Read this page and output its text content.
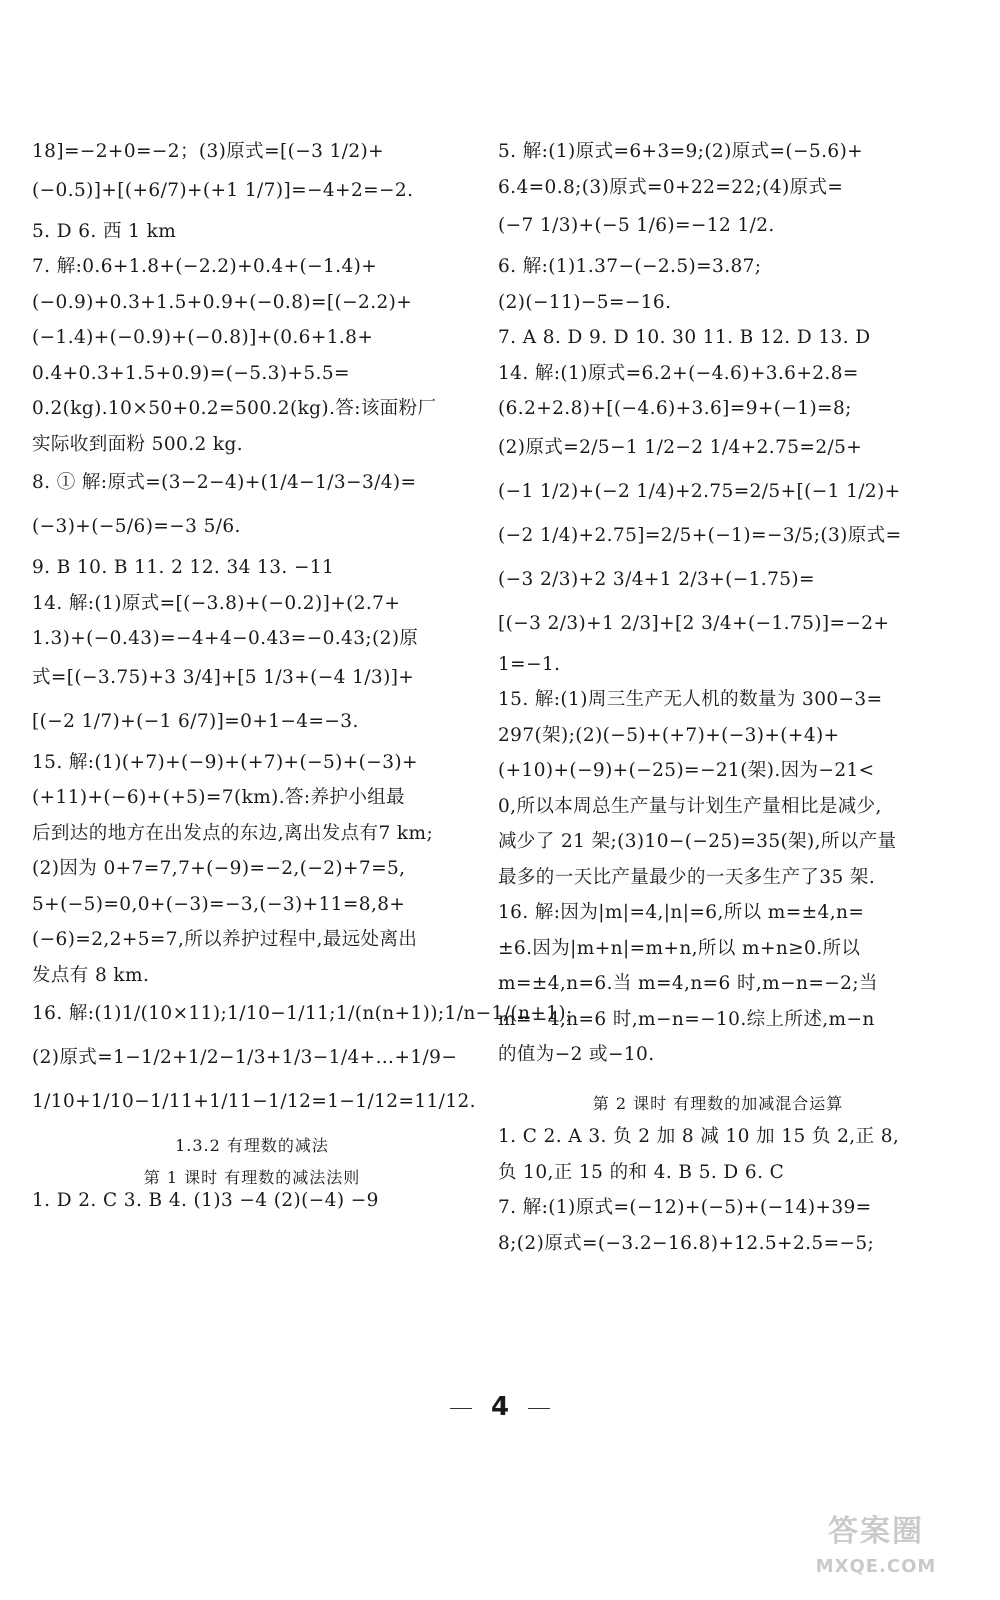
18]=−2+0=−2；(3)原式=[(−3 1/2)+
(−0.5)]+[(+6/7)+(+1 1/7)]=−4+2=−2.
5. D 6. 西 1 km
7. 解:0.6+1.8+(−2.2)+0.4+(−1.4)+
(−0.9)+0.3+1.5+0.9+(−0.8)=[(−2.2)+
(−1.4)+(−0.9)+(−0.8)]+(0.6+1.8+
0.4+0.3+1.5+0.9)=(−5.3)+5.5=
0.2(kg).10×50+0.2=500.2(kg).答:该面粉厂
实际收到面粉 500.2 kg.
8. ① 解:原式=(3−2−4)+(1/4−1/3−3/4)=
(−3)+(−5/6)=−3 5/6.
9. B 10. B 11. 2 12. 34 13. −11
14. 解:(1)原式=[(−3.8)+(−0.2)]+(2.7+
1.3)+(−0.43)=−4+4−0.43=−0.43;(2)原
式=[(−3.75)+3 3/4]+[5 1/3+(−4 1/3)]+
[(−2 1/7)+(−1 6/7)]=0+1−4=−3.
15. 解:(1)(+7)+(−9)+(+7)+(−5)+(−3)+
(+11)+(−6)+(+5)=7(km).答:养护小组最
后到达的地方在出发点的东边,离出发点有7 km;
(2)因为 0+7=7,7+(−9)=−2,(−2)+7=5,
5+(−5)=0,0+(−3)=−3,(−3)+11=8,8+
(−6)=2,2+5=7,所以养护过程中,最远处离出
发点有 8 km.
16. 解:(1)1/(10×11);1/10−1/11;1/(n(n+1));1/n−1/(n+1);
(2)原式=1−1/2+1/2−1/3+1/3−1/4+…+1/9−
1/10+1/10−1/11+1/11−1/12=1−1/12=11/12.
1.3.2 有理数的减法
第 1 课时 有理数的减法法则
1. D 2. C 3. B 4. (1)3 −4 (2)(−4) −9
5. 解:(1)原式=6+3=9;(2)原式=(−5.6)+
6.4=0.8;(3)原式=0+22=22;(4)原式=
(−7 1/3)+(−5 1/6)=−12 1/2.
6. 解:(1)1.37−(−2.5)=3.87;
(2)(−11)−5=−16.
7. A 8. D 9. D 10. 30 11. B 12. D 13. D
14. 解:(1)原式=6.2+(−4.6)+3.6+2.8=
(6.2+2.8)+[(−4.6)+3.6]=9+(−1)=8;
(2)原式=2/5−1 1/2−2 1/4+2.75=2/5+
(−1 1/2)+(−2 1/4)+2.75=2/5+[(−1 1/2)+
(−2 1/4)+2.75]=2/5+(−1)=−3/5;(3)原式=
(−3 2/3)+2 3/4+1 2/3+(−1.75)=
[(−3 2/3)+1 2/3]+[2 3/4+(−1.75)]=−2+
1=−1.
15. 解:(1)周三生产无人机的数量为 300−3=
297(架);(2)(−5)+(+7)+(−3)+(+4)+
(+10)+(−9)+(−25)=−21(架).因为−21<
0,所以本周总生产量与计划生产量相比是减少,
减少了 21 架;(3)10−(−25)=35(架),所以产量
最多的一天比产量最少的一天多生产了35 架.
16. 解:因为|m|=4,|n|=6,所以 m=±4,n=
±6.因为|m+n|=m+n,所以 m+n≥0.所以
m=±4,n=6.当 m=4,n=6 时,m−n=−2;当
m=−4,n=6 时,m−n=−10.综上所述,m−n
的值为−2 或−10.
第 2 课时 有理数的加减混合运算
1. C 2. A 3. 负 2 加 8 减 10 加 15 负 2,正 8,
负 10,正 15 的和 4. B 5. D 6. C
7. 解:(1)原式=(−12)+(−5)+(−14)+39=
8;(2)原式=(−3.2−16.8)+12.5+2.5=−5;
4
答案圈
MXQE.COM
